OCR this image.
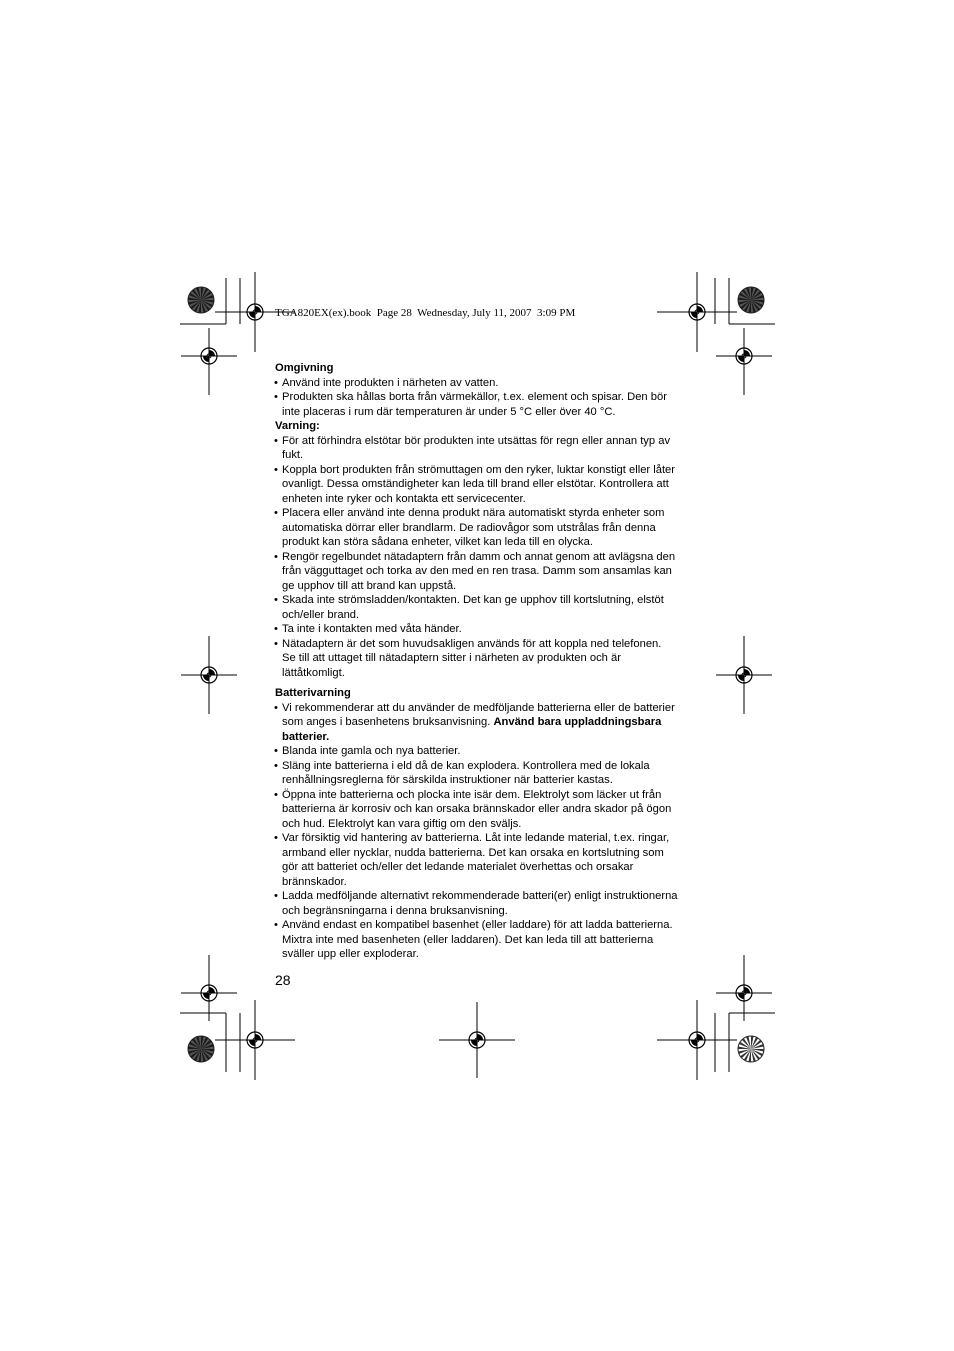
TGA820EX(ex).book  Page 28  Wednesday, July 11, 2007  3:09 PM

Omgivning

• Använd inte produkten i närheten av vatten.
• Produkten ska hållas borta från värmekällor, t.ex. element och spisar. Den bör inte placeras i rum där temperaturen är under 5 °C eller över 40 °C.

Varning:

• För att förhindra elstötar bör produkten inte utsättas för regn eller annan typ av fukt.
• Koppla bort produkten från strömuttagen om den ryker, luktar konstigt eller låter ovanligt. Dessa omständigheter kan leda till brand eller elstötar. Kontrollera att enheten inte ryker och kontakta ett servicecenter.
• Placera eller använd inte denna produkt nära automatiskt styrda enheter som automatiska dörrar eller brandlarm. De radiovågor som utstrålas från denna produkt kan störa sådana enheter, vilket kan leda till en olycka.
• Rengör regelbundet nätadaptern från damm och annat genom att avlägsna den från vägguttaget och torka av den med en ren trasa. Damm som ansamlas kan ge upphov till att brand kan uppstå.
• Skada inte strömsladden/kontakten. Det kan ge upphov till kortslutning, elstöt och/eller brand.
• Ta inte i kontakten med våta händer.
• Nätadaptern är det som huvudsakligen används för att koppla ned telefonen. Se till att uttaget till nätadaptern sitter i närheten av produkten och är lättåtkomligt.

Batterivarning

• Vi rekommenderar att du använder de medföljande batterierna eller de batterier som anges i basenhetens bruksanvisning. Använd bara uppladdningsbara batterier.
• Blanda inte gamla och nya batterier.
• Släng inte batterierna i eld då de kan explodera. Kontrollera med de lokala renhållningsreglerna för särskilda instruktioner när batterier kastas.
• Öppna inte batterierna och plocka inte isär dem. Elektrolyt som läcker ut från batterierna är korrosiv och kan orsaka brännskador eller andra skador på ögon och hud. Elektrolyt kan vara giftig om den sväljs.
• Var försiktig vid hantering av batterierna. Låt inte ledande material, t.ex. ringar, armband eller nycklar, nudda batterierna. Det kan orsaka en kortslutning som gör att batteriet och/eller det ledande materialet överhettas och orsakar brännskador.
• Ladda medföljande alternativt rekommenderade batteri(er) enligt instruktionerna och begränsningarna i denna bruksanvisning.
• Använd endast en kompatibel basenhet (eller laddare) för att ladda batterierna. Mixtra inte med basenheten (eller laddaren). Det kan leda till att batterierna sväller upp eller exploderar.
28
